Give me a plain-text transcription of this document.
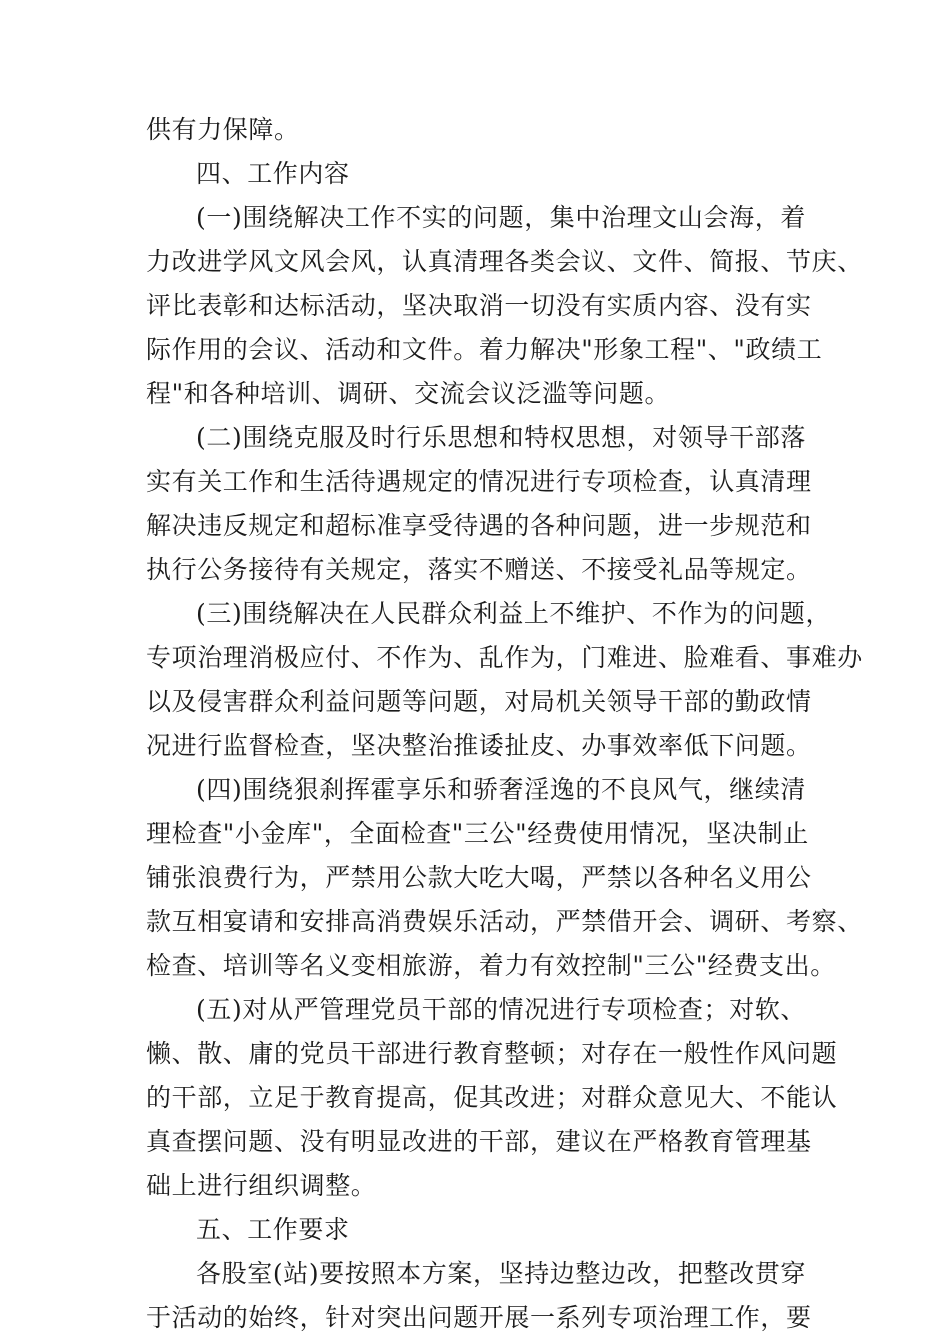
供有力保障。
四、工作内容
(一)围绕解决工作不实的问题，集中治理文山会海，着
力改进学风文风会风，认真清理各类会议、文件、简报、节庆、
评比表彰和达标活动，坚决取消一切没有实质内容、没有实
际作用的会议、活动和文件。着力解决"形象工程"、"政绩工
程"和各种培训、调研、交流会议泛滥等问题。
(二)围绕克服及时行乐思想和特权思想，对领导干部落
实有关工作和生活待遇规定的情况进行专项检查，认真清理
解决违反规定和超标准享受待遇的各种问题，进一步规范和
执行公务接待有关规定，落实不赠送、不接受礼品等规定。
(三)围绕解决在人民群众利益上不维护、不作为的问题，
专项治理消极应付、不作为、乱作为，门难进、脸难看、事难办
以及侵害群众利益问题等问题，对局机关领导干部的勤政情
况进行监督检查，坚决整治推诿扯皮、办事效率低下问题。
(四)围绕狠刹挥霍享乐和骄奢淫逸的不良风气，继续清
理检查"小金库"，全面检查"三公"经费使用情况，坚决制止
铺张浪费行为，严禁用公款大吃大喝，严禁以各种名义用公
款互相宴请和安排高消费娱乐活动，严禁借开会、调研、考察、
检查、培训等名义变相旅游，着力有效控制"三公"经费支出。
(五)对从严管理党员干部的情况进行专项检查；对软、
懒、散、庸的党员干部进行教育整顿；对存在一般性作风问题
的干部，立足于教育提高，促其改进；对群众意见大、不能认
真查摆问题、没有明显改进的干部，建议在严格教育管理基
础上进行组织调整。
五、工作要求
各股室(站)要按照本方案，坚持边整边改，把整改贯穿
于活动的始终，针对突出问题开展一系列专项治理工作，要
